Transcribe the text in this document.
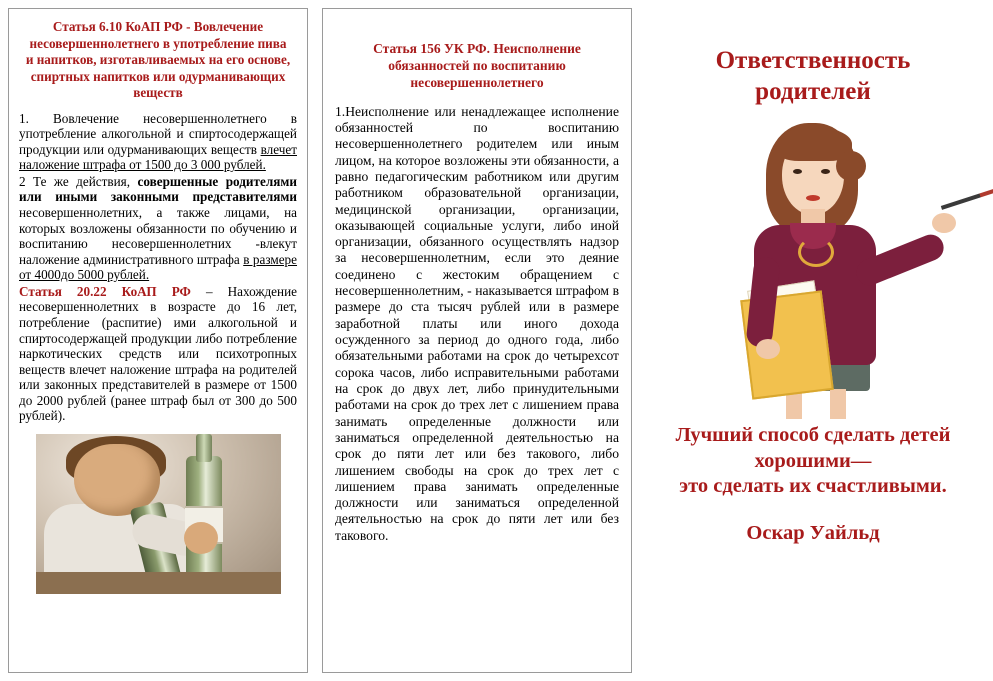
Статья 6.10 КоАП РФ - Вовлечение несовершеннолетнего в употребление пива и напитков, изготавливаемых на его основе, спиртных напитков или одурманивающих веществ

1. Вовлечение несовершеннолетнего в употребление алкогольной и спиртосодержащей продукции или одурманивающих веществ влечет наложение штрафа от 1500 до 3 000 рублей.

2 Те же действия, совершенные родителями или иными законными представителями несовершеннолетних, а также лицами, на которых возложены обязанности по обучению и воспитанию несовершеннолетних -влекут наложение административного штрафа в размере от 4000до 5000 рублей.

Статья 20.22 КоАП РФ – Нахождение несовершеннолетних в возрасте до 16 лет, потребление (распитие) ими алкогольной и спиртосодержащей продукции либо потребление наркотических средств или психотропных веществ влечет наложение штрафа на родителей или законных представителей в размере от 1500 до 2000 рублей (ранее штраф был от 300 до 500 рублей).

Статья 156 УК РФ. Неисполнение обязанностей по воспитанию несовершеннолетнего

1.Неисполнение или ненадлежащее исполнение обязанностей по воспитанию несовершеннолетнего родителем или иным лицом, на которое возложены эти обязанности, а равно педагогическим работником или другим работником образовательной организации, медицинской организации, организации, оказывающей социальные услуги, либо иной организации, обязанного осуществлять надзор за несовершеннолетним, если это деяние соединено с жестоким обращением с несовершеннолетним, - наказывается штрафом в размере до ста тысяч рублей или в размере заработной платы или иного дохода осужденного за период до одного года, либо обязательными работами на срок до четырехсот сорока часов, либо исправительными работами на срок до двух лет, либо принудительными работами на срок до трех лет с лишением права занимать определенные должности или заниматься определенной деятельностью на срок до пяти лет или без такового, либо лишением свободы на срок до трех лет с лишением права занимать определенные должности или заниматься определенной деятельностью на срок до пяти лет или без такового.

Ответственность родителей
Лучший способ сделать детей хорошими—
это сделать их счастливыми.
Оскар Уайльд
